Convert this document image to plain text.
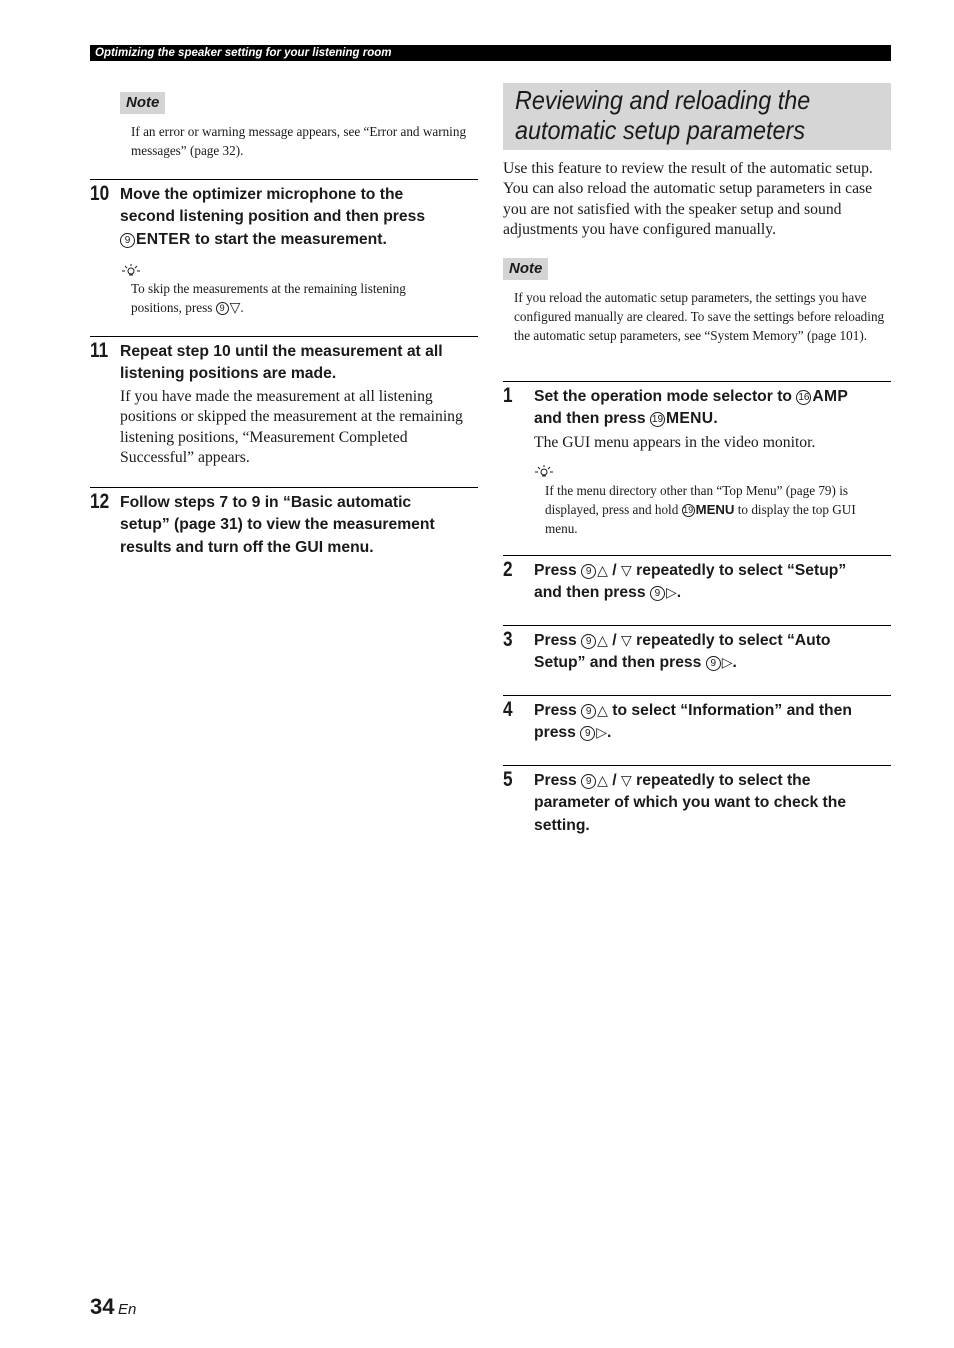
Optimizing the speaker setting for your listening room
Note
If an error or warning message appears, see “Error and warning messages” (page 32).
10 Move the optimizer microphone to the
second listening position and then press
9 ENTER to start the measurement.
To skip the measurements at the remaining listening
positions, press 9 ▽.
11 Repeat step 10 until the measurement at all listening positions are made.
If you have made the measurement at all listening positions or skipped the measurement at the remaining listening positions, “Measurement Completed Successful” appears.
12 Follow steps 7 to 9 in “Basic automatic setup” (page 31) to view the measurement results and turn off the GUI menu.
Reviewing and reloading the
automatic setup parameters
Use this feature to review the result of the automatic setup. You can also reload the automatic setup parameters in case you are not satisfied with the speaker setup and sound adjustments you have configured manually.
Note
If you reload the automatic setup parameters, the settings you have configured manually are cleared. To save the settings before reloading the automatic setup parameters, see “System Memory” (page 101).
1 Set the operation mode selector to 16 AMP
and then press 19 MENU.
The GUI menu appears in the video monitor.
If the menu directory other than “Top Menu” (page 79) is
displayed, press and hold 19 MENU to display the top GUI
menu.
2 Press 9 △ / ▽ repeatedly to select “Setup”
and then press 9 ▷.
3 Press 9 △ / ▽ repeatedly to select “Auto
Setup” and then press 9 ▷.
4 Press 9 △ to select “Information” and then
press 9 ▷.
5 Press 9 △ / ▽ repeatedly to select the
parameter of which you want to check the
setting.
34 En
